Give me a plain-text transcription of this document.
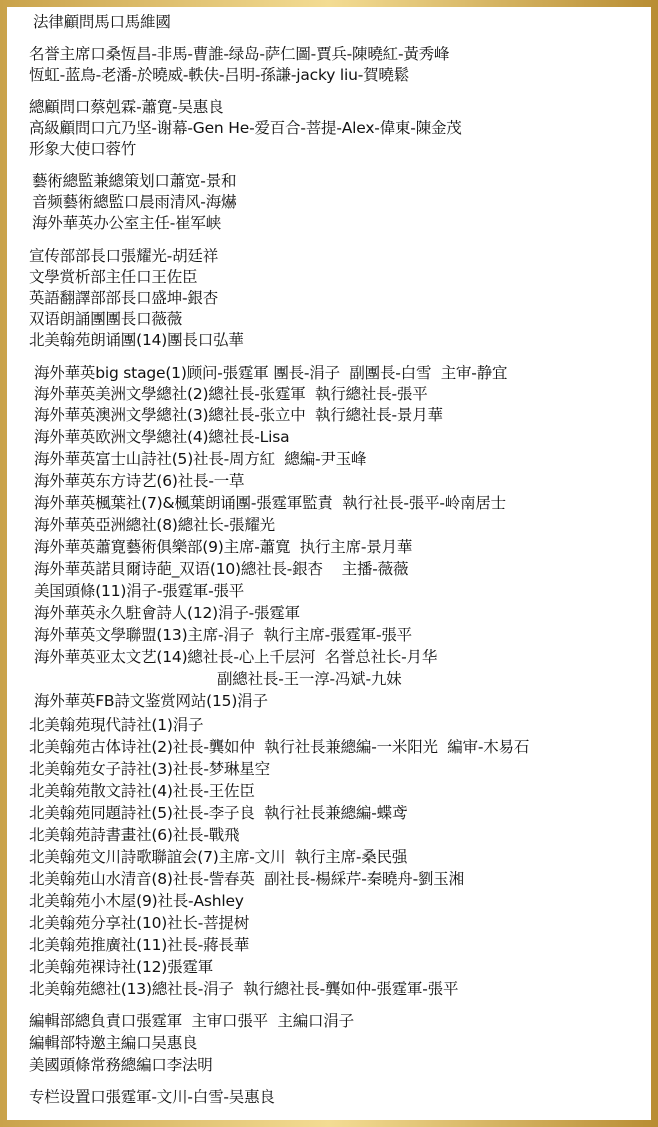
法律顧問馬口馬維國
名誉主席口桑恆昌-非馬-曹誰-绿岛-萨仁圖-賈兵-陳曉紅-黃秀峰
恆虹-蓝鳥-老潘-於曉威-軼伕-吕明-孫謙-jacky liu-賀曉鬆
總顧問口蔡剋霖-蕭寛-吴惠良
高級顧問口亢乃坚-谢幕-Gen He-爱百合-菩提-Alex-偉東-陳金茂
形象大使口蓉竹
藝術總監兼總策划口蕭宽-景和
音频藝術總監口晨雨清风-海爀
海外華英办公室主任-崔军峡
宣传部部長口張耀光-胡廷祥
文學赏析部主任口王佐臣
英語翻譯部部長口盛坤-銀杏
双语朗誦團團長口薇薇
北美翰苑朗诵團(14)團長口弘華
海外華英big stage(1)顾问-張霆軍 團長-涓子  副團長-白雪  主审-静宜
海外華英美洲文學總社(2)總社長-张霆軍  執行總社長-張平
海外華英澳洲文學總社(3)總社長-张立中  執行總社長-景月華
海外華英欧洲文學總社(4)總社長-Lisa
海外華英富士山詩社(5)社長-周方紅  總編-尹玉峰
海外華英东方诗艺(6)社長-一草
海外華英楓葉社(7)&楓葉朗诵團-張霆軍監責  執行社長-張平-岭南居士
海外華英亞洲總社(8)總社长-張耀光
海外華英蕭寛藝術俱樂部(9)主席-蕭寬  执行主席-景月華
海外華英諾貝爾诗葩_双语(10)總社長-銀杏    主播-薇薇
美国頭條(11)涓子-張霆軍-張平
海外華英永久駐會詩人(12)涓子-張霆軍
海外華英文學聯盟(13)主席-涓子  執行主席-張霆軍-張平
海外華英亚太文艺(14)總社長-心上千层河  名誉总社长-月华
副總社長-王一淳-冯斌-九妹
海外華英FB詩文鉴赏网站(15)涓子
北美翰苑現代詩社(1)涓子
北美翰苑古体诗社(2)社長-龔如仲  執行社長兼總編-一米阳光  編审-木易石
北美翰苑女子詩社(3)社長-梦琳星空
北美翰苑散文詩社(4)社長-王佐臣
北美翰苑同題詩社(5)社長-李子良  執行社長兼總編-蝶鸢
北美翰苑詩書畫社(6)社長-戰飛
北美翰苑文川詩歌聯誼会(7)主席-文川  執行主席-桑民强
北美翰苑山水清音(8)社長-訾春英  副社長-楊綵芹-秦曉舟-劉玉湘
北美翰苑小木屋(9)社長-Ashley
北美翰苑分享社(10)社长-菩提树
北美翰苑推廣社(11)社長-蔣長華
北美翰苑裸诗社(12)張霆軍
北美翰苑總社(13)總社長-涓子  執行總社長-龔如仲-張霆軍-張平
編輯部總負責口張霆軍  主审口張平  主編口涓子
編輯部特邀主編口吴惠良
美國頭條常務總編口李法明
专栏设置口張霆軍-文川-白雪-吴惠良
